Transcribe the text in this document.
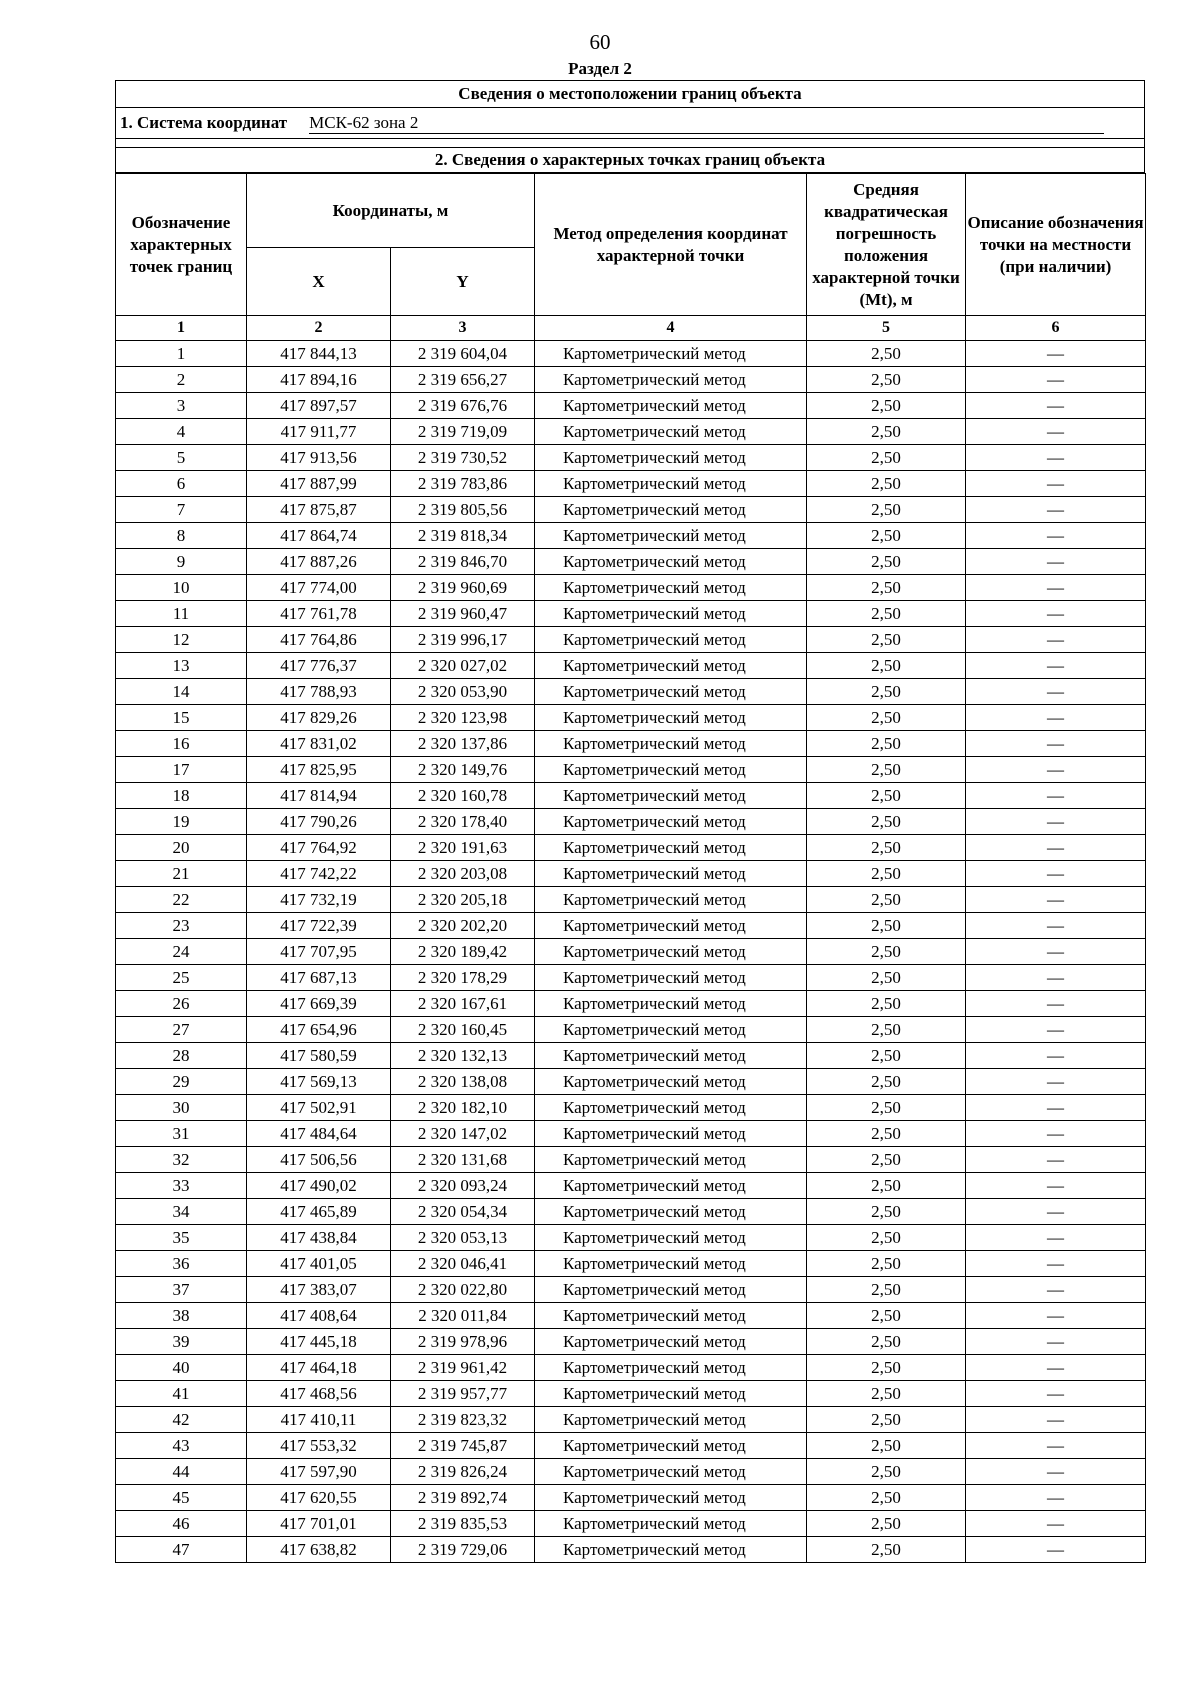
60
Раздел 2
Сведения о местоположении границ объекта
1. Система координат МСК-62 зона 2

2. Сведения о характерных точках границ объекта
Обозначение характерных точек границ	Координаты, м		Метод определения координат характерной точки	Средняя квадратическая погрешность положения характерной точки (Mt), м	Описание обозначения точки на местности (при наличии)
	X	Y			
1	2	3	4	5	6
1	417 844,13	2 319 604,04	Картометрический метод	2,50	—
2	417 894,16	2 319 656,27	Картометрический метод	2,50	—
3	417 897,57	2 319 676,76	Картометрический метод	2,50	—
4	417 911,77	2 319 719,09	Картометрический метод	2,50	—
5	417 913,56	2 319 730,52	Картометрический метод	2,50	—
6	417 887,99	2 319 783,86	Картометрический метод	2,50	—
7	417 875,87	2 319 805,56	Картометрический метод	2,50	—
8	417 864,74	2 319 818,34	Картометрический метод	2,50	—
9	417 887,26	2 319 846,70	Картометрический метод	2,50	—
10	417 774,00	2 319 960,69	Картометрический метод	2,50	—
11	417 761,78	2 319 960,47	Картометрический метод	2,50	—
12	417 764,86	2 319 996,17	Картометрический метод	2,50	—
13	417 776,37	2 320 027,02	Картометрический метод	2,50	—
14	417 788,93	2 320 053,90	Картометрический метод	2,50	—
15	417 829,26	2 320 123,98	Картометрический метод	2,50	—
16	417 831,02	2 320 137,86	Картометрический метод	2,50	—
17	417 825,95	2 320 149,76	Картометрический метод	2,50	—
18	417 814,94	2 320 160,78	Картометрический метод	2,50	—
19	417 790,26	2 320 178,40	Картометрический метод	2,50	—
20	417 764,92	2 320 191,63	Картометрический метод	2,50	—
21	417 742,22	2 320 203,08	Картометрический метод	2,50	—
22	417 732,19	2 320 205,18	Картометрический метод	2,50	—
23	417 722,39	2 320 202,20	Картометрический метод	2,50	—
24	417 707,95	2 320 189,42	Картометрический метод	2,50	—
25	417 687,13	2 320 178,29	Картометрический метод	2,50	—
26	417 669,39	2 320 167,61	Картометрический метод	2,50	—
27	417 654,96	2 320 160,45	Картометрический метод	2,50	—
28	417 580,59	2 320 132,13	Картометрический метод	2,50	—
29	417 569,13	2 320 138,08	Картометрический метод	2,50	—
30	417 502,91	2 320 182,10	Картометрический метод	2,50	—
31	417 484,64	2 320 147,02	Картометрический метод	2,50	—
32	417 506,56	2 320 131,68	Картометрический метод	2,50	—
33	417 490,02	2 320 093,24	Картометрический метод	2,50	—
34	417 465,89	2 320 054,34	Картометрический метод	2,50	—
35	417 438,84	2 320 053,13	Картометрический метод	2,50	—
36	417 401,05	2 320 046,41	Картометрический метод	2,50	—
37	417 383,07	2 320 022,80	Картометрический метод	2,50	—
38	417 408,64	2 320 011,84	Картометрический метод	2,50	—
39	417 445,18	2 319 978,96	Картометрический метод	2,50	—
40	417 464,18	2 319 961,42	Картометрический метод	2,50	—
41	417 468,56	2 319 957,77	Картометрический метод	2,50	—
42	417 410,11	2 319 823,32	Картометрический метод	2,50	—
43	417 553,32	2 319 745,87	Картометрический метод	2,50	—
44	417 597,90	2 319 826,24	Картометрический метод	2,50	—
45	417 620,55	2 319 892,74	Картометрический метод	2,50	—
46	417 701,01	2 319 835,53	Картометрический метод	2,50	—
47	417 638,82	2 319 729,06	Картометрический метод	2,50	—
